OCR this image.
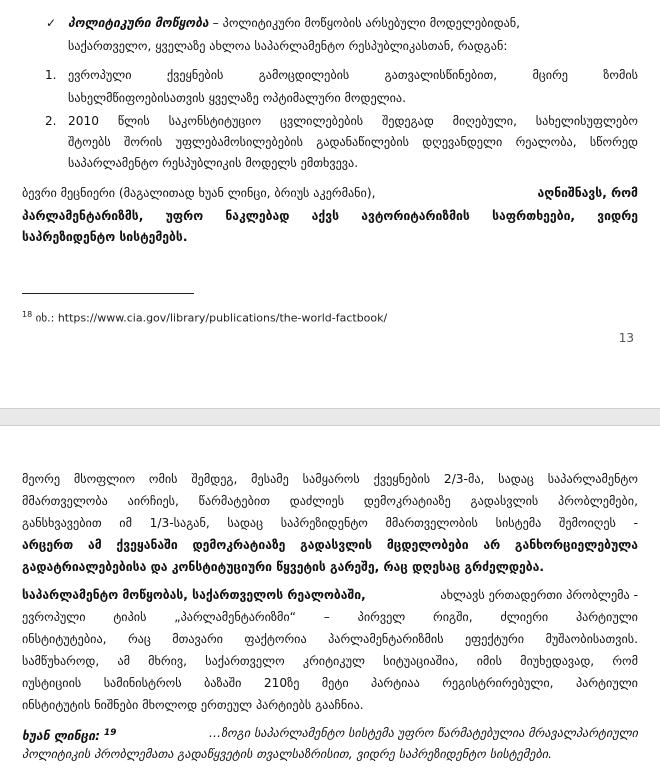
✓ პოლიტიკური მოწყობა – პოლიტიკური მოწყობის არსებული მოდელებიდან,
საქართველო, ყველაზე ახლოა საპარლამენტო რესპუბლიკასთან, რადგან:
1. ევროპული ქვეყნების გამოცდილების გათვალისწინებით, მცირე ზომის
სახელმწიფოებისათვის ყველაზე ოპტიმალური მოდელია.
2. 2010 წლის საკონსტიტუციო ცვლილებების შედეგად მიღებული, სახელისუფლებო
შტოებს შორის უფლებამოსილებების გადანაწილების დღევანდელი რეალობა, სწორედ
საპარლამენტო რესპუბლიკის მოდელს ემთხვევა.
ბევრი მეცნიერი (მაგალითად ხუან ლინცი, ბრიუს აკერმანი),	აღნიშნავს, რომ
პარლამენტარიზმს, უფრო ნაკლებად აქვს ავტორიტარიზმის საფრთხეები, ვიდრე
საპრეზიდენტო სისტემებს.
$^{18}$ იხ.: https://www.cia.gov/library/publications/the-world-factbook/
13
მეორე მსოფლიო ომის შემდეგ, მესამე სამყაროს ქვეყნების 2/3-მა, სადაც საპარლამენტო
მმართველობა აირჩიეს, წარმატებით დაძლიეს დემოკრატიაზე გადასვლის პრობლემები,
განსხვავებით იმ 1/3-საგან, სადაც საპრეზიდენტო მმართველობის სისტემა შემოიღეს -
არცერთ ამ ქვეყანაში დემოკრატიაზე გადასვლის მცდელობები არ განხორციელებულა
გადატრიალებებისა და კონსტიტუციური წყვეტის გარეშე, რაც დღესაც გრძელდება.
საპარლამენტო მოწყობას, საქართველოს რეალობაში,	ახლავს ერთადერთი პრობლემა -
ევროპული ტიპის „პარლამენტარიზმი“ – პირველ რიგში, ძლიერი პარტიული
ინსტიტუტებია, რაც მთავარი ფაქტორია პარლამენტარიზმის ეფექტური მუშაობისათვის.
სამწუხაროდ, ამ მხრივ, საქართველო კრიტიკულ სიტუაციაშია, იმის მიუხედავად, რომ
იუსტიციის სამინისტროს ბაზაში 210ზე მეტი პარტიაა რეგისტრირებული, პარტიული
ინსტიტუტის ნიშნები მხოლოდ ერთეულ პარტიებს გააჩნია.
ხუან ლინცი: $^{19}$	…ზოგი საპარლამენტო სისტემა უფრო წარმატებულია მრავალპარტიული
პოლიტიკის პრობლემათა გადაწყვეტის თვალსაზრისით, ვიდრე საპრეზიდენტო სისტემები.
